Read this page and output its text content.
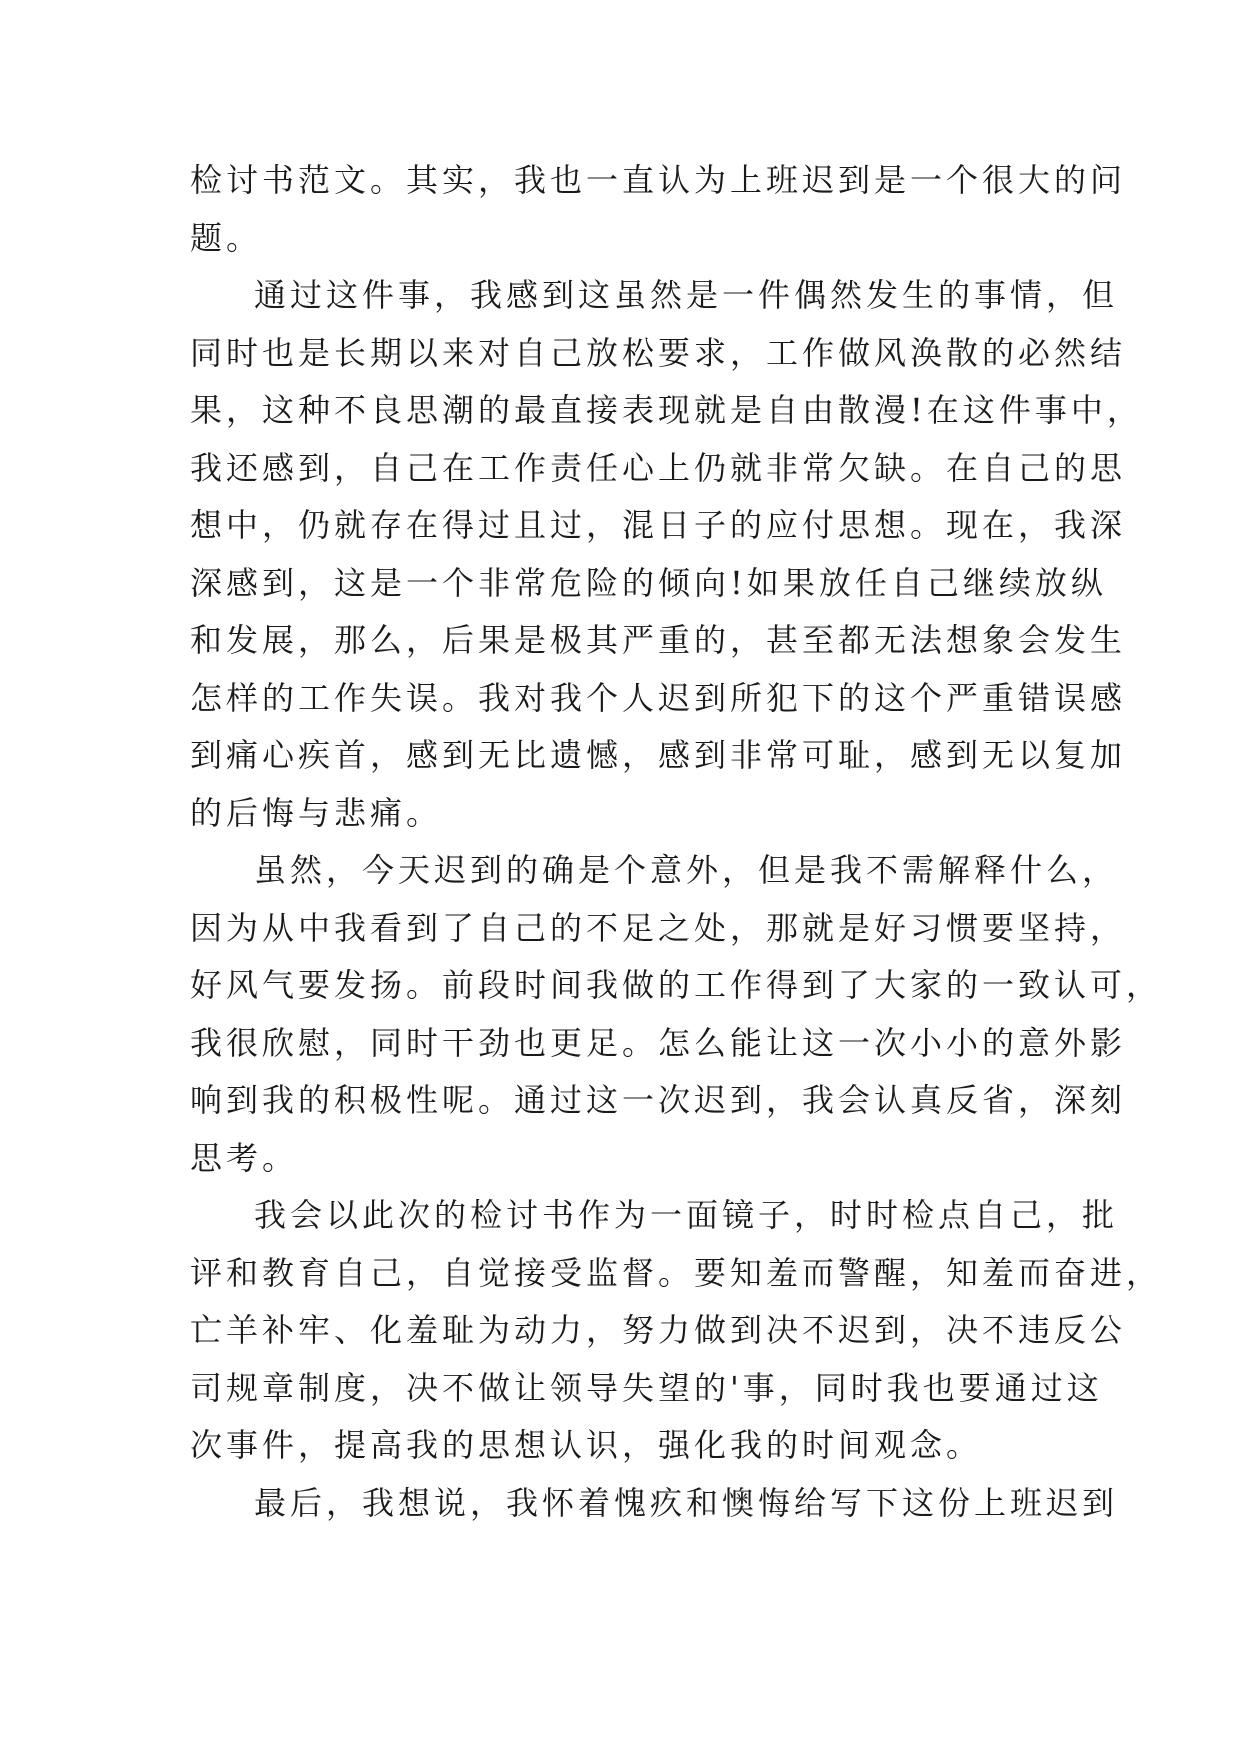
检讨书范文。其实，我也一直认为上班迟到是一个很大的问
题。
通过这件事，我感到这虽然是一件偶然发生的事情，但
同时也是长期以来对自己放松要求，工作做风涣散的必然结
果，这种不良思潮的最直接表现就是自由散漫!在这件事中，
我还感到，自己在工作责任心上仍就非常欠缺。在自己的思
想中，仍就存在得过且过，混日子的应付思想。现在，我深
深感到，这是一个非常危险的倾向!如果放任自己继续放纵
和发展，那么，后果是极其严重的，甚至都无法想象会发生
怎样的工作失误。我对我个人迟到所犯下的这个严重错误感
到痛心疾首，感到无比遗憾，感到非常可耻，感到无以复加
的后悔与悲痛。
虽然，今天迟到的确是个意外，但是我不需解释什么，
因为从中我看到了自己的不足之处，那就是好习惯要坚持，
好风气要发扬。前段时间我做的工作得到了大家的一致认可，
我很欣慰，同时干劲也更足。怎么能让这一次小小的意外影
响到我的积极性呢。通过这一次迟到，我会认真反省，深刻
思考。
我会以此次的检讨书作为一面镜子，时时检点自己，批
评和教育自己，自觉接受监督。要知羞而警醒，知羞而奋进，
亡羊补牢、化羞耻为动力，努力做到决不迟到，决不违反公
司规章制度，决不做让领导失望的'事，同时我也要通过这
次事件，提高我的思想认识，强化我的时间观念。
最后，我想说，我怀着愧疚和懊悔给写下这份上班迟到
